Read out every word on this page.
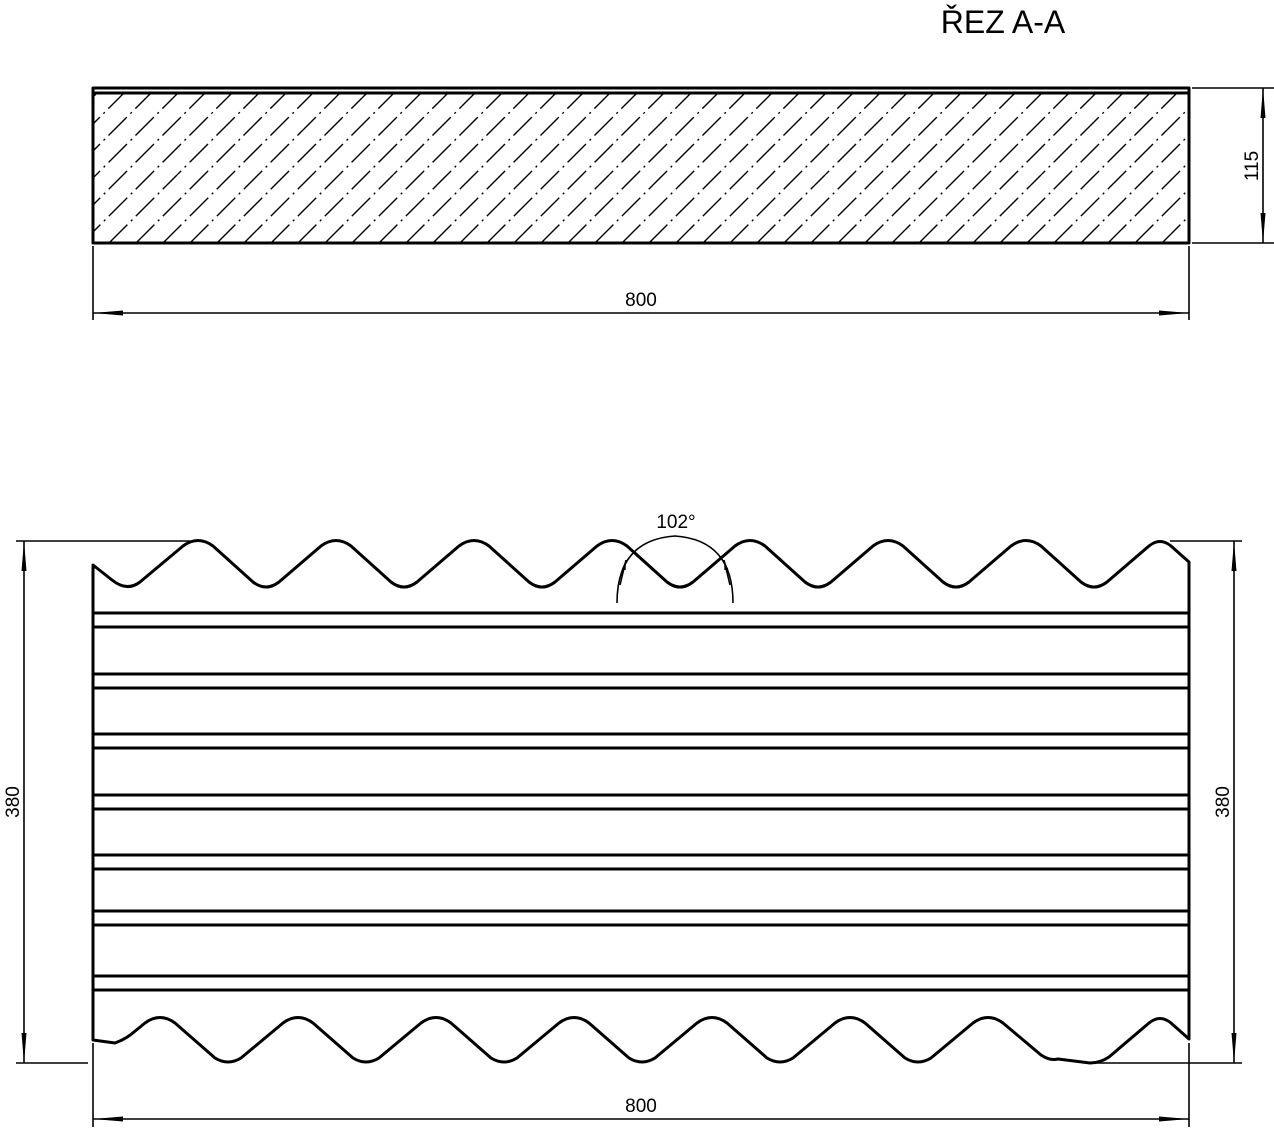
ŘEZ A-A
115
800
102°
380	380
800
